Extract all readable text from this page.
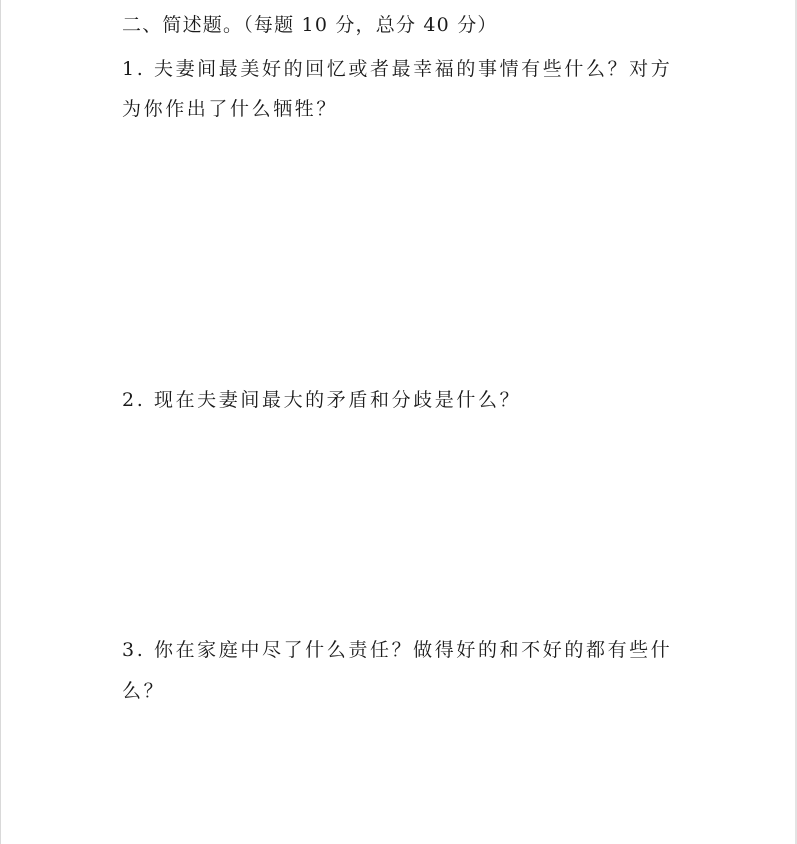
二、简述题。（每题 10 分，总分 40 分）
1. 夫妻间最美好的回忆或者最幸福的事情有些什么？对方
为你作出了什么牺牲？
2. 现在夫妻间最大的矛盾和分歧是什么？
3. 你在家庭中尽了什么责任？做得好的和不好的都有些什
么？
